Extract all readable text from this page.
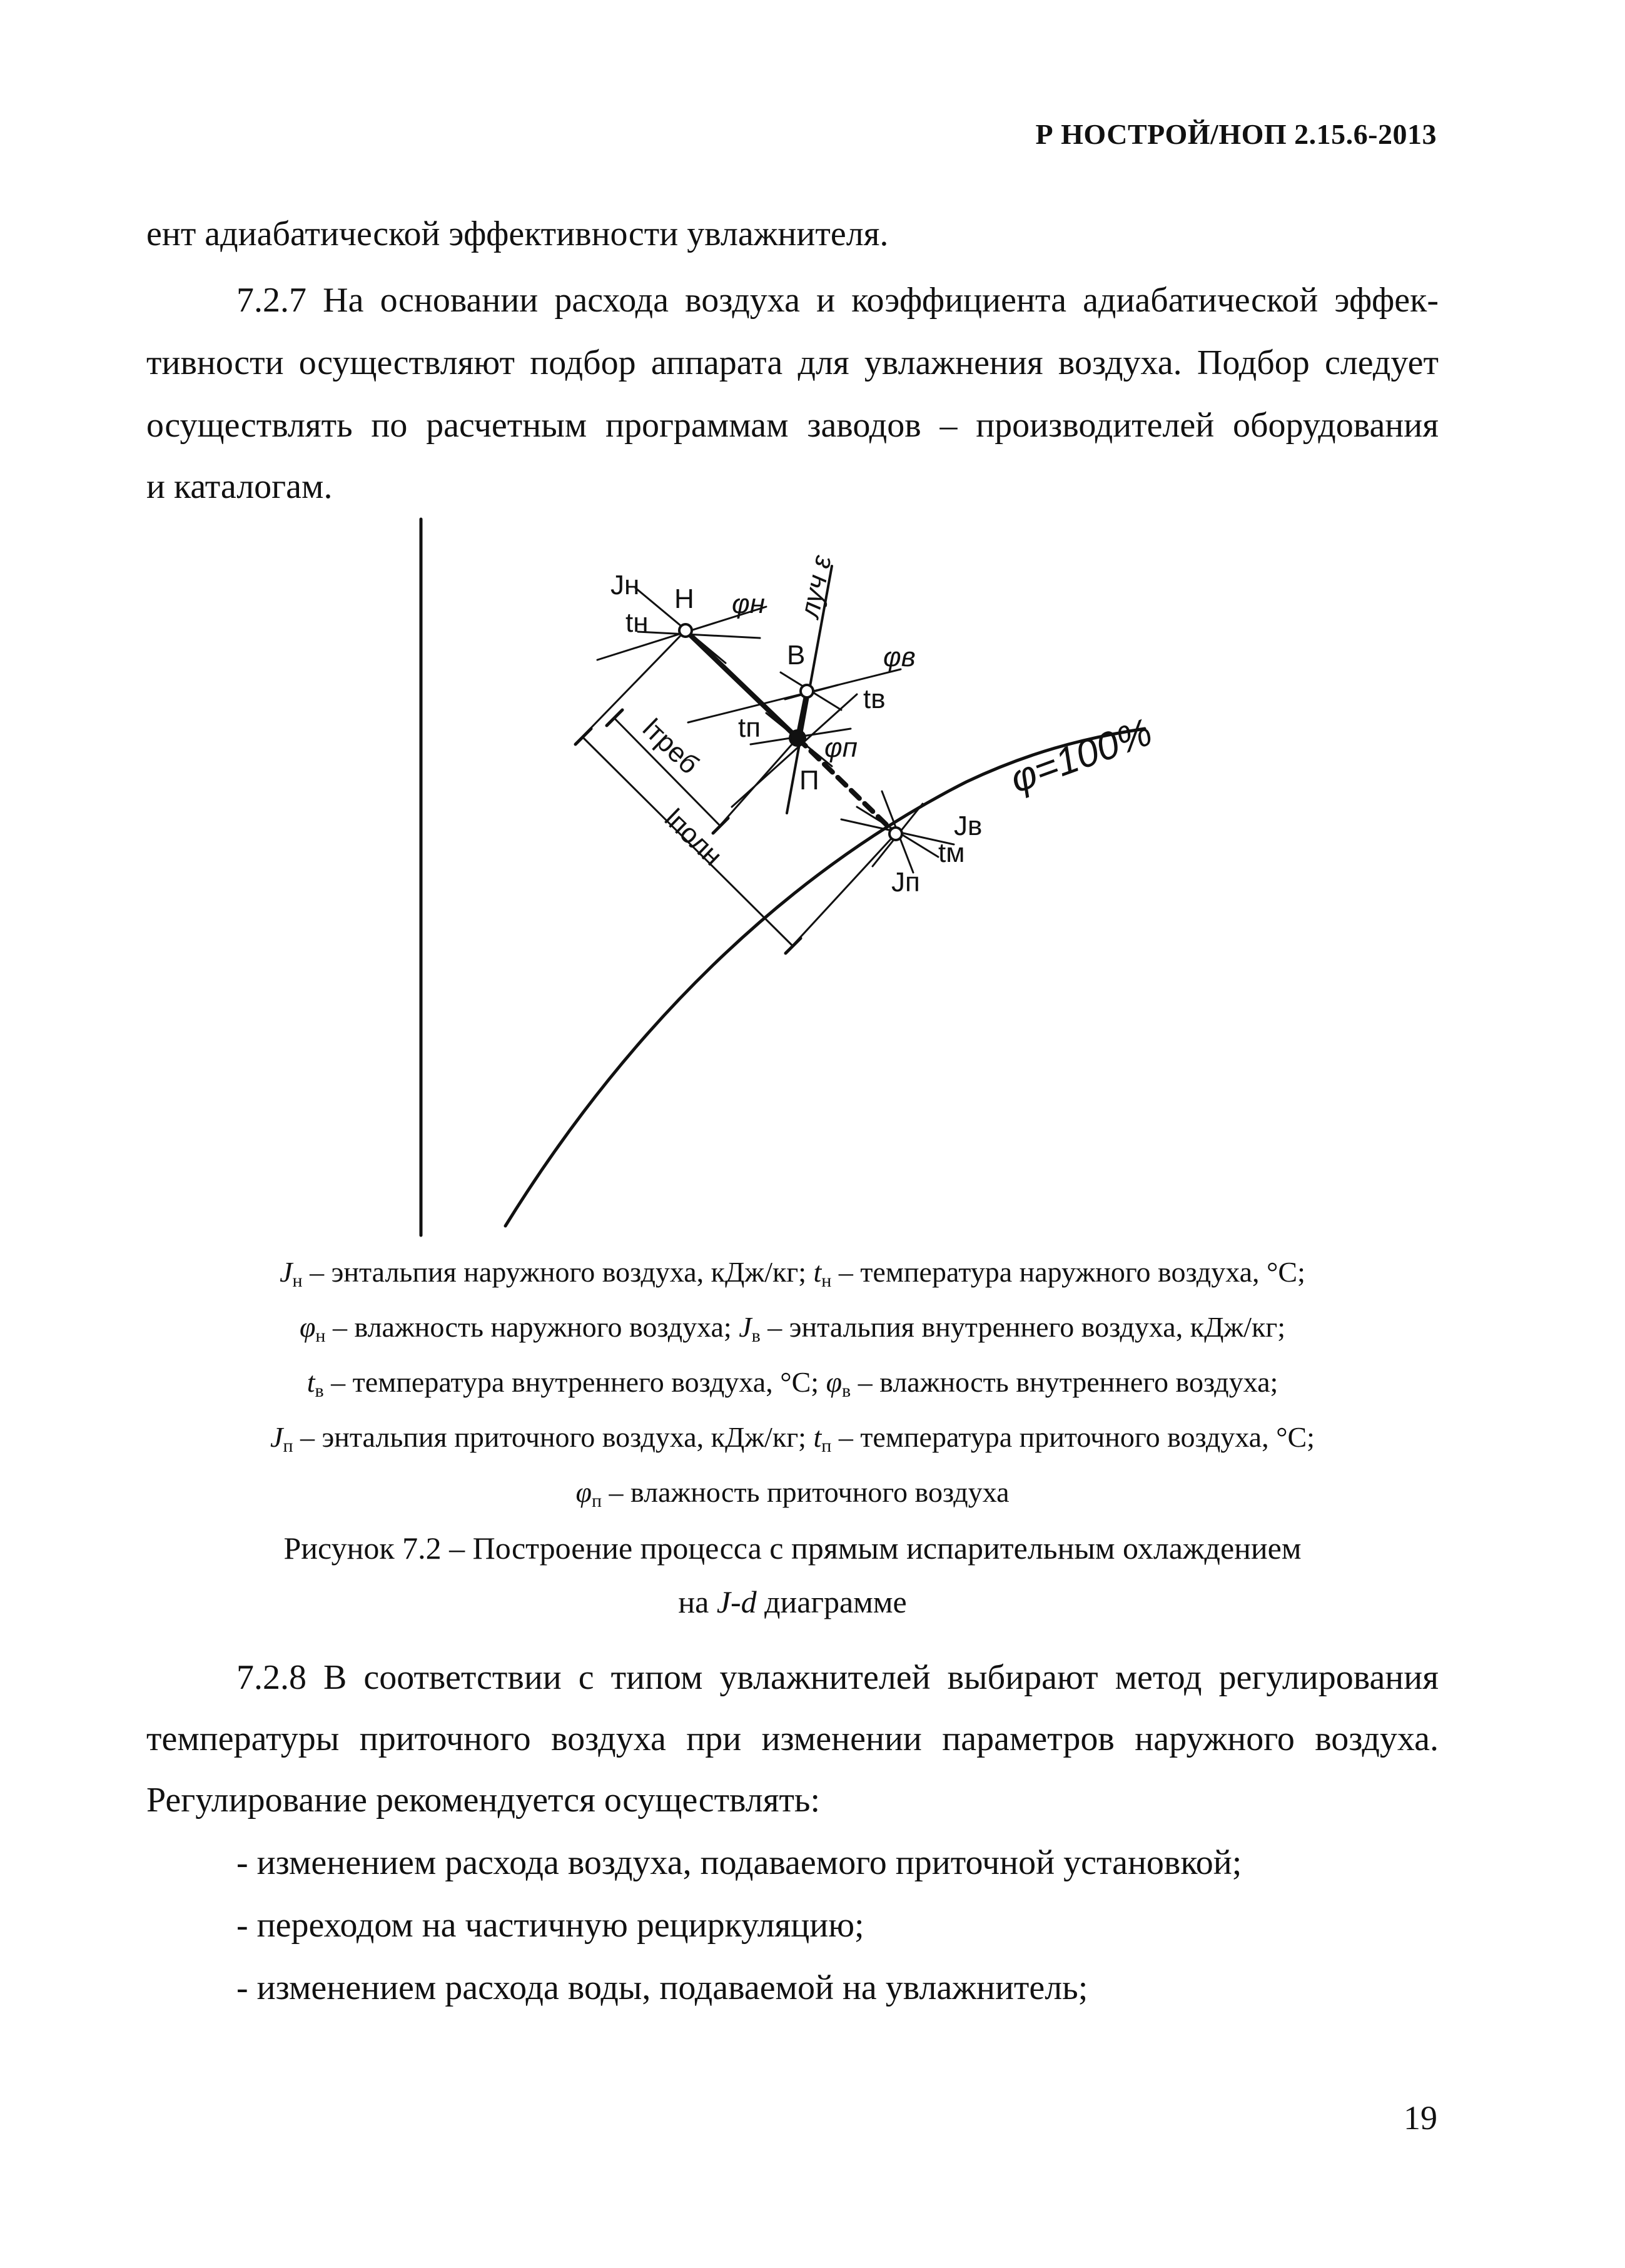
Р НОСТРОЙ/НОП 2.15.6-2013
ент адиабатической эффективности увлажнителя.
7.2.7 На основании расхода воздуха и коэффициента адиабатической эффек-
тивности осуществляют подбор аппарата для увлажнения воздуха. Подбор следует
осуществлять по расчетным программам заводов – производителей оборудования
и каталогам.
Jн Н φн
tн
луч ε
В	φв
tв
tп
φп
П
lтреб
lполн
φ=100%
Jв
tм
Jп
$J_н$ – энтальпия наружного воздуха, кДж/кг; $t_н$ – температура наружного воздуха, °С;
$\varphi_н$ – влажность наружного воздуха; $J_в$ – энтальпия внутреннего воздуха, кДж/кг;
$t_в$ – температура внутреннего воздуха, °С; $\varphi_в$ – влажность внутреннего воздуха;
$J_п$ – энтальпия приточного воздуха, кДж/кг; $t_п$ – температура приточного воздуха, °С;
$\varphi_п$ – влажность приточного воздуха
Рисунок 7.2 – Построение процесса с прямым испарительным охлаждением
на J-d диаграмме
7.2.8 В соответствии с типом увлажнителей выбирают метод регулирования
температуры приточного воздуха при изменении параметров наружного воздуха.
Регулирование рекомендуется осуществлять:
- изменением расхода воздуха, подаваемого приточной установкой;
- переходом на частичную рециркуляцию;
- изменением расхода воды, подаваемой на увлажнитель;
19
